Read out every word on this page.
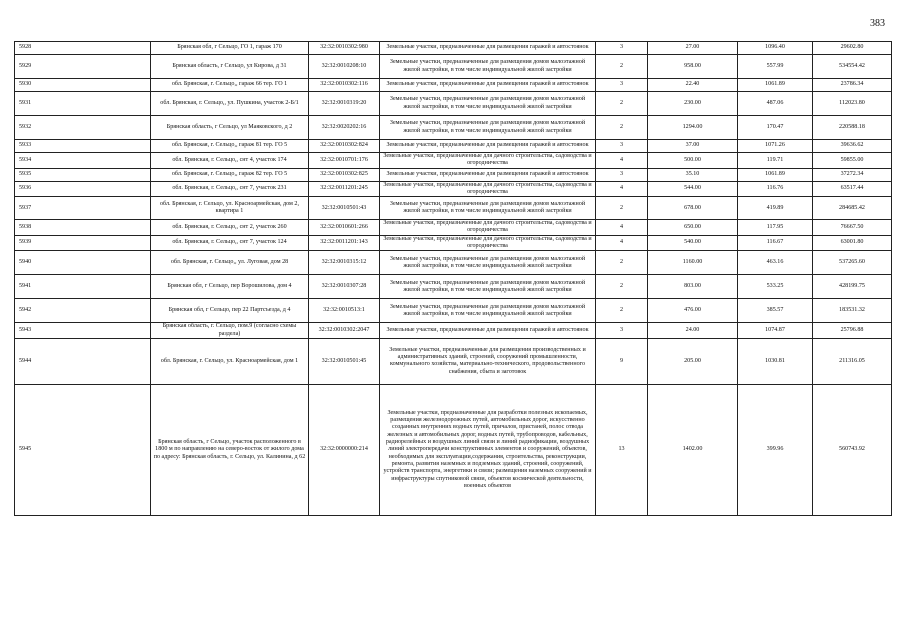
383
5928	Брянская обл, г Сельцо, ГО 1, гараж 170	32:32:0010302:980	Земельные участки, предназначенные для размещения гаражей и автостоянок	3	27.00	1096.40	29602.80
5929	Брянская область, г Сельцо, ул Кирова, д 31	32:32:0010208:10	Земельные участки, предназначенные для размещения домов малоэтажной жилой застройки, в том числе индивидуальной жилой застройки	2	958.00	557.99	534554.42
5930	обл. Брянская, г. Сельцо,, гараж 66 тер. ГО 1	32:32:0010302:116	Земельные участки, предназначенные для размещения гаражей и автостоянок	3	22.40	1061.89	23786.34
5931	обл. Брянская, г. Сельцо,, ул. Пушкина, участок 2-Б/1	32:32:0010319:20	Земельные участки, предназначенные для размещения домов малоэтажной жилой застройки, в том числе индивидуальной жилой застройки	2	230.00	487.06	112023.80
5932	Брянская область, г Сельцо, ул Маяковского, д 2	32:32:0020202:16	Земельные участки, предназначенные для размещения домов малоэтажной жилой застройки, в том числе индивидуальной жилой застройки	2	1294.00	170.47	220588.18
5933	обл. Брянская, г. Сельцо,, гараж 81 тер. ГО 5	32:32:0010302:824	Земельные участки, предназначенные для размещения гаражей и автостоянок	3	37.00	1071.26	39636.62
5934	обл. Брянская, г. Сельцо,, снт 4, участок 174	32:32:0010701:176	Земельные участки, предназначенные для дачного строительства, садоводства и огородничества	4	500.00	119.71	59855.00
5935	обл. Брянская, г. Сельцо,, гараж 82 тер. ГО 5	32:32:0010302:825	Земельные участки, предназначенные для размещения гаражей и автостоянок	3	35.10	1061.89	37272.34
5936	обл. Брянская, г. Сельцо,, снт 7, участок 231	32:32:0011201:245	Земельные участки, предназначенные для дачного строительства, садоводства и огородничества	4	544.00	116.76	63517.44
5937	обл. Брянская, г. Сельцо, ул. Красноармейская, дом 2, квартира 1	32:32:0010501:43	Земельные участки, предназначенные для размещения домов малоэтажной жилой застройки, в том числе индивидуальной жилой застройки	2	678.00	419.89	284685.42
5938	обл. Брянская, г. Сельцо,, снт 2, участок 260	32:32:0010601:266	Земельные участки, предназначенные для дачного строительства, садоводства и огородничества	4	650.00	117.95	76667.50
5939	обл. Брянская, г. Сельцо,, снт 7, участок 124	32:32:0011201:143	Земельные участки, предназначенные для дачного строительства, садоводства и огородничества	4	540.00	116.67	63001.80
5940	обл. Брянская, г. Сельцо,, ул. Луговая, дом 28	32:32:0010315:12	Земельные участки, предназначенные для размещения домов малоэтажной жилой застройки, в том числе индивидуальной жилой застройки	2	1160.00	463.16	537265.60
5941	Брянская обл, г Сельцо, пер Ворошилова, дом 4	32:32:0010307:28	Земельные участки, предназначенные для размещения домов малоэтажной жилой застройки, в том числе индивидуальной жилой застройки	2	803.00	533.25	428199.75
5942	Брянская обл, г Сельцо, пер 22 Партсъезда, д 4	32:32:0010513:1	Земельные участки, предназначенные для размещения домов малоэтажной жилой застройки, в том числе индивидуальной жилой застройки	2	476.00	385.57	183531.32
5943	Брянская область, г. Сельцо, пом.9 (согласно схемы раздела)	32:32:0010302:2047	Земельные участки, предназначенные для размещения гаражей и автостоянок	3	24.00	1074.87	25796.88
5944	обл. Брянская, г. Сельцо, ул. Красноармейская, дом 1	32:32:0010501:45	Земельные участки, предназначенные для размещения производственных и административных зданий, строений, сооружений промышленности, коммунального хозяйства, материально-технического, продовольственного снабжения, сбыта и заготовок	9	205.00	1030.81	211316.05
5945	Брянская область, г Сельцо, участок расположенного в 1800 м по направлению на северо-восток от жилого дома по адресу: Брянская область, г. Сельцо, ул. Калинина, д 62	32:32:0000000:214	Земельные участки, предназначенные для разработки полезных ископаемых, размещения железнодорожных путей, автомобильных дорог, искусственно созданных внутренних водных путей, причалов, пристаней, полос отвода железных и автомобильных дорог, водных путей, трубопроводов, кабельных, радиорелейных и воздушных линий связи и линий радиофикации, воздушных линий электропередачи конструктивных элементов и сооружений, объектов, необходимых для эксплуатации,содержания, строительства, реконструкции, ремонта, развития наземных и подземных зданий, строений, сооружений, устройств транспорта, энергетики и связи; размещения наземных сооружений и инфраструктуры спутниковой связи, объектов космической деятельности, военных объектов	13	1402.00	399.96	560743.92
